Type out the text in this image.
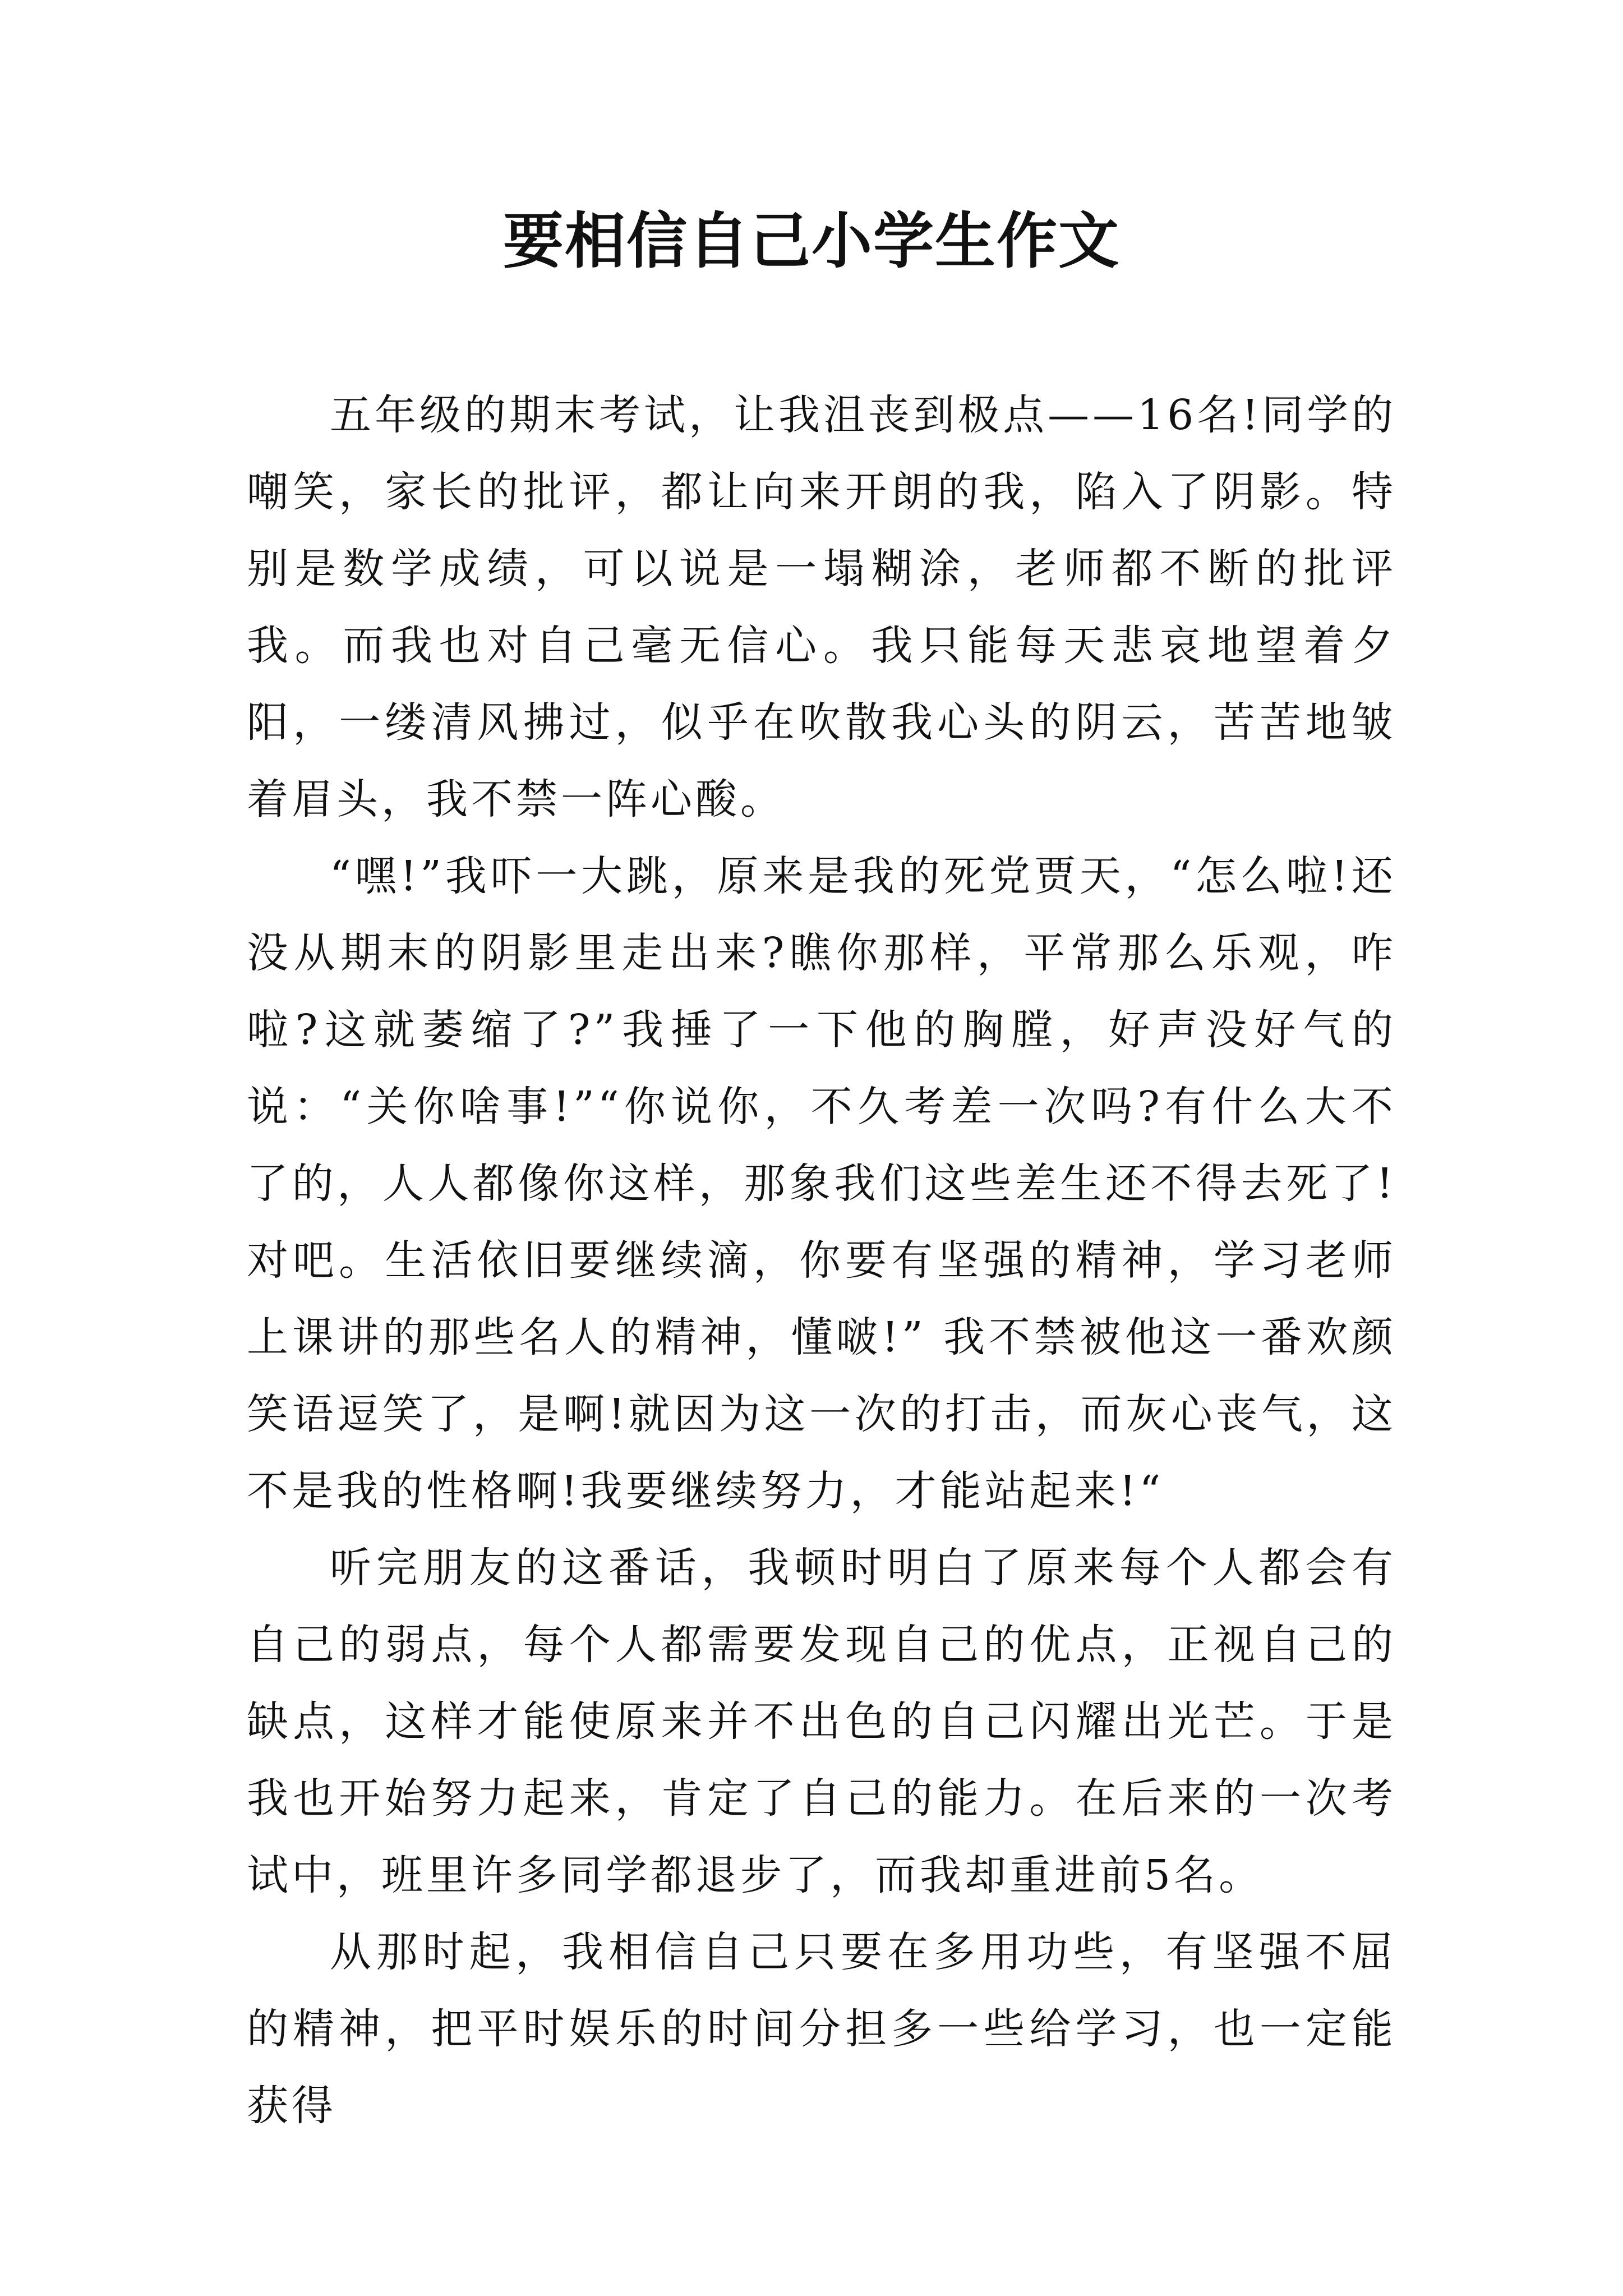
要相信自己小学生作文

五年级的期末考试，让我沮丧到极点——16名!同学的嘲笑，家长的批评，都让向来开朗的我，陷入了阴影。特别是数学成绩，可以说是一塌糊涂，老师都不断的批评我。而我也对自己毫无信心。我只能每天悲哀地望着夕阳，一缕清风拂过，似乎在吹散我心头的阴云，苦苦地皱着眉头，我不禁一阵心酸。

“嘿!”我吓一大跳，原来是我的死党贾天，“怎么啦!还没从期末的阴影里走出来?瞧你那样，平常那么乐观，咋啦?这就萎缩了?”我捶了一下他的胸膛，好声没好气的说：“关你啥事!”“你说你，不久考差一次吗?有什么大不了的，人人都像你这样，那象我们这些差生还不得去死了!对吧。生活依旧要继续滴，你要有坚强的精神，学习老师上课讲的那些名人的精神，懂啵!” 我不禁被他这一番欢颜笑语逗笑了，是啊!就因为这一次的打击，而灰心丧气，这不是我的性格啊!我要继续努力，才能站起来!“

听完朋友的这番话，我顿时明白了原来每个人都会有自己的弱点，每个人都需要发现自己的优点，正视自己的缺点，这样才能使原来并不出色的自己闪耀出光芒。于是我也开始努力起来，肯定了自己的能力。在后来的一次考试中，班里许多同学都退步了，而我却重进前5名。

从那时起，我相信自己只要在多用功些，有坚强不屈的精神，把平时娱乐的时间分担多一些给学习，也一定能获得
